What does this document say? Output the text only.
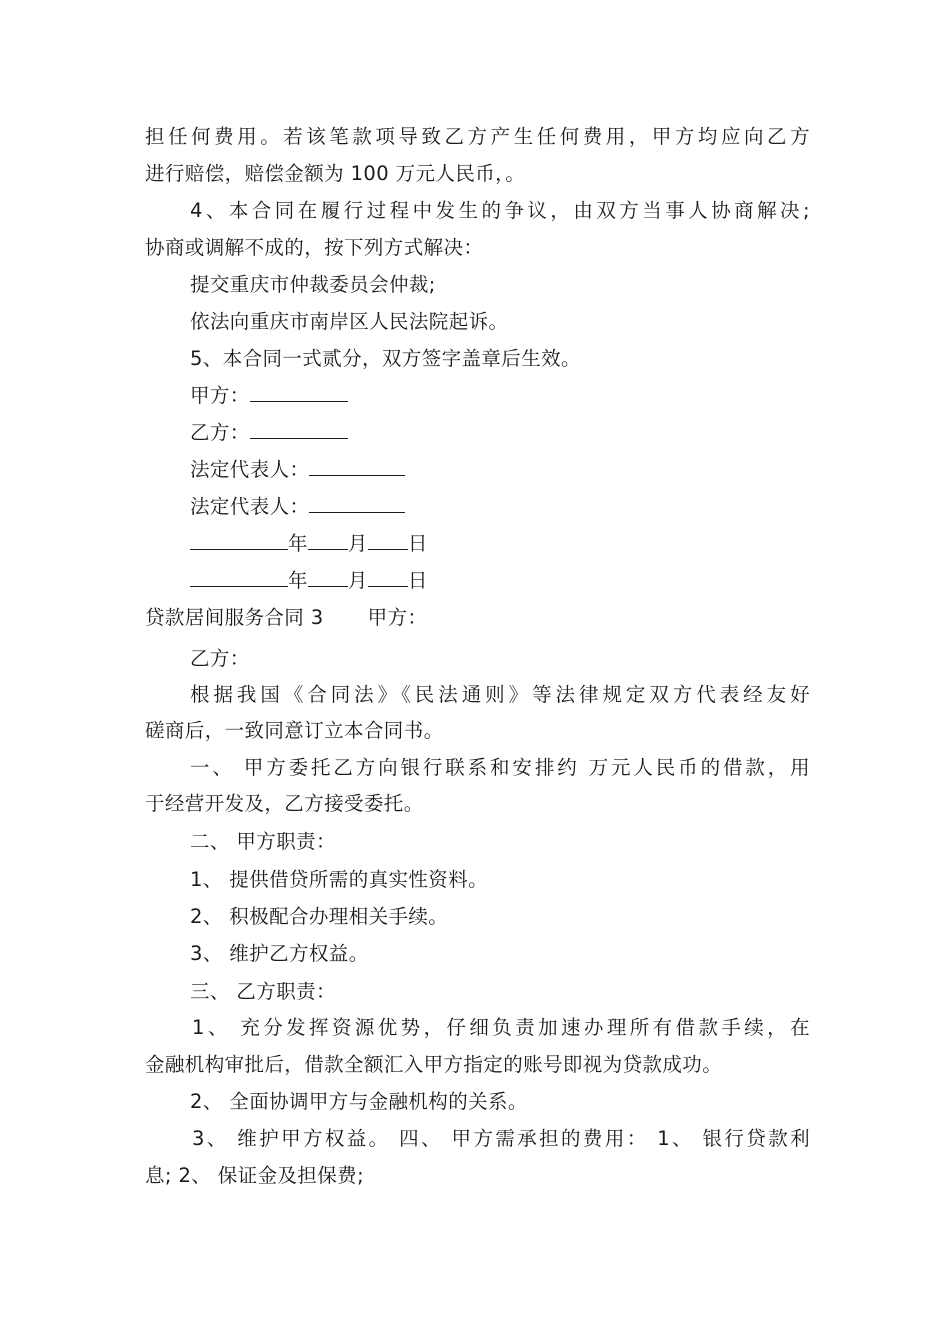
担任何费用。若该笔款项导致乙方产生任何费用，甲方均应向乙方
进行赔偿，赔偿金额为 100 万元人民币，。
4、本合同在履行过程中发生的争议，由双方当事人协商解决;
协商或调解不成的，按下列方式解决：
提交重庆市仲裁委员会仲裁;
依法向重庆市南岸区人民法院起诉。
5、本合同一式贰分，双方签字盖章后生效。
甲方：
乙方：
法定代表人：
法定代表人：
年 月 日
年 月 日
贷款居间服务合同 3 甲方：
乙方：
根据我国《合同法》《民法通则》等法律规定双方代表经友好
磋商后，一致同意订立本合同书。
一、 甲方委托乙方向银行联系和安排约 万元人民币的借款，用
于经营开发及，乙方接受委托。
二、 甲方职责：
1、 提供借贷所需的真实性资料。
2、 积极配合办理相关手续。
3、 维护乙方权益。
三、 乙方职责：
1、 充分发挥资源优势，仔细负责加速办理所有借款手续，在
金融机构审批后，借款全额汇入甲方指定的账号即视为贷款成功。
2、 全面协调甲方与金融机构的关系。
3、 维护甲方权益。 四、 甲方需承担的费用： 1、 银行贷款利
息; 2、 保证金及担保费;
